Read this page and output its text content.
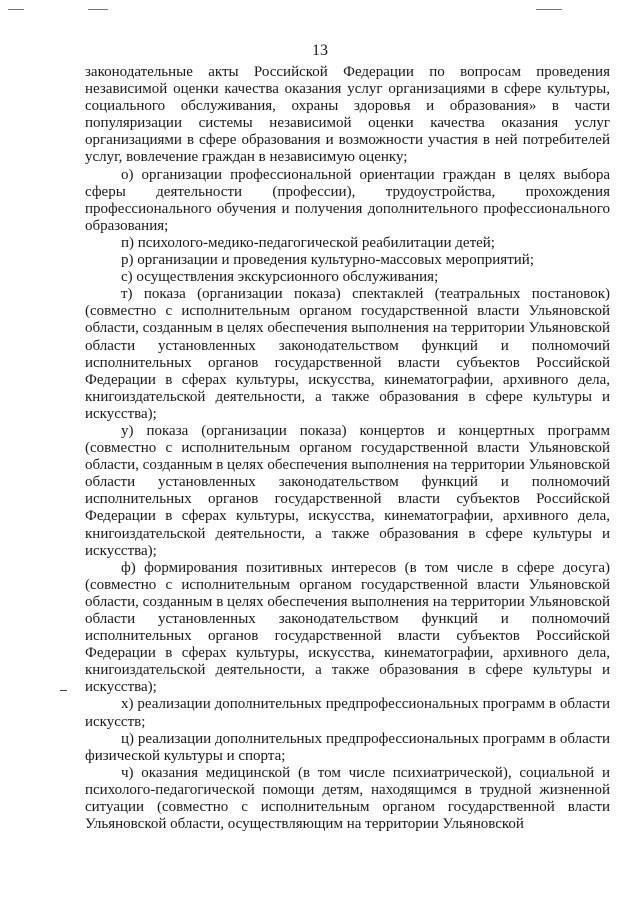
13

законодательные акты Российской Федерации по вопросам проведения независимой оценки качества оказания услуг организациями в сфере культуры, социального обслуживания, охраны здоровья и образования» в части популяризации системы независимой оценки качества оказания услуг организациями в сфере образования и возможности участия в ней потребителей услуг, вовлечение граждан в независимую оценку;

о) организации профессиональной ориентации граждан в целях выбора сферы деятельности (профессии), трудоустройства, прохождения профессионального обучения и получения дополнительного профессионального образования;

п) психолого-медико-педагогической реабилитации детей;

р) организации и проведения культурно-массовых мероприятий;

с) осуществления экскурсионного обслуживания;

т) показа (организации показа) спектаклей (театральных постановок) (совместно с исполнительным органом государственной власти Ульяновской области, созданным в целях обеспечения выполнения на территории Ульяновской области установленных законодательством функций и полномочий исполнительных органов государственной власти субъектов Российской Федерации в сферах культуры, искусства, кинематографии, архивного дела, книгоиздательской деятельности, а также образования в сфере культуры и искусства);

у) показа (организации показа) концертов и концертных программ (совместно с исполнительным органом государственной власти Ульяновской области, созданным в целях обеспечения выполнения на территории Ульяновской области установленных законодательством функций и полномочий исполнительных органов государственной власти субъектов Российской Федерации в сферах культуры, искусства, кинематографии, архивного дела, книгоиздательской деятельности, а также образования в сфере культуры и искусства);

ф) формирования позитивных интересов (в том числе в сфере досуга) (совместно с исполнительным органом государственной власти Ульяновской области, созданным в целях обеспечения выполнения на территории Ульяновской области установленных законодательством функций и полномочий исполнительных органов государственной власти субъектов Российской Федерации в сферах культуры, искусства, кинематографии, архивного дела, книгоиздательской деятельности, а также образования в сфере культуры и искусства);

х) реализации дополнительных предпрофессиональных программ в области искусств;

ц) реализации дополнительных предпрофессиональных программ в области физической культуры и спорта;

ч) оказания медицинской (в том числе психиатрической), социальной и психолого-педагогической помощи детям, находящимся в трудной жизненной ситуации (совместно с исполнительным органом государственной власти Ульяновской области, осуществляющим на территории Ульяновской
